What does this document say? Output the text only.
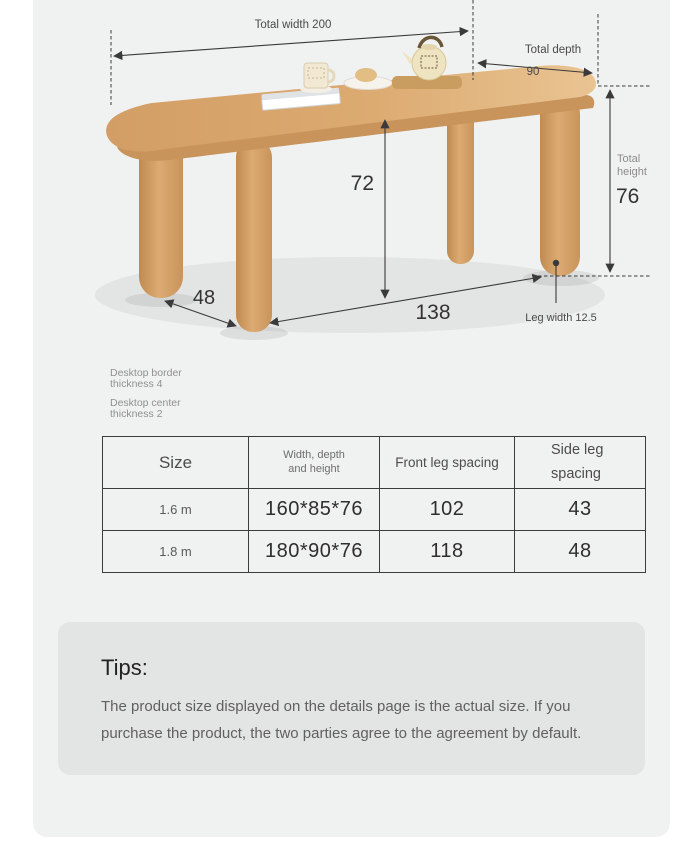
Total width 200
Total depth
90
Total
height
76
72
138
48
Leg width 12.5
Desktop border
thickness 4
Desktop center
thickness 2
Size	Width, depth and height	Front leg spacing	Side leg spacing
1.6 m	160*85*76	102	43
1.8 m	180*90*76	118	48
Tips:

The product size displayed on the details page is the actual size. If you purchase the product, the two parties agree to the agreement by default.
